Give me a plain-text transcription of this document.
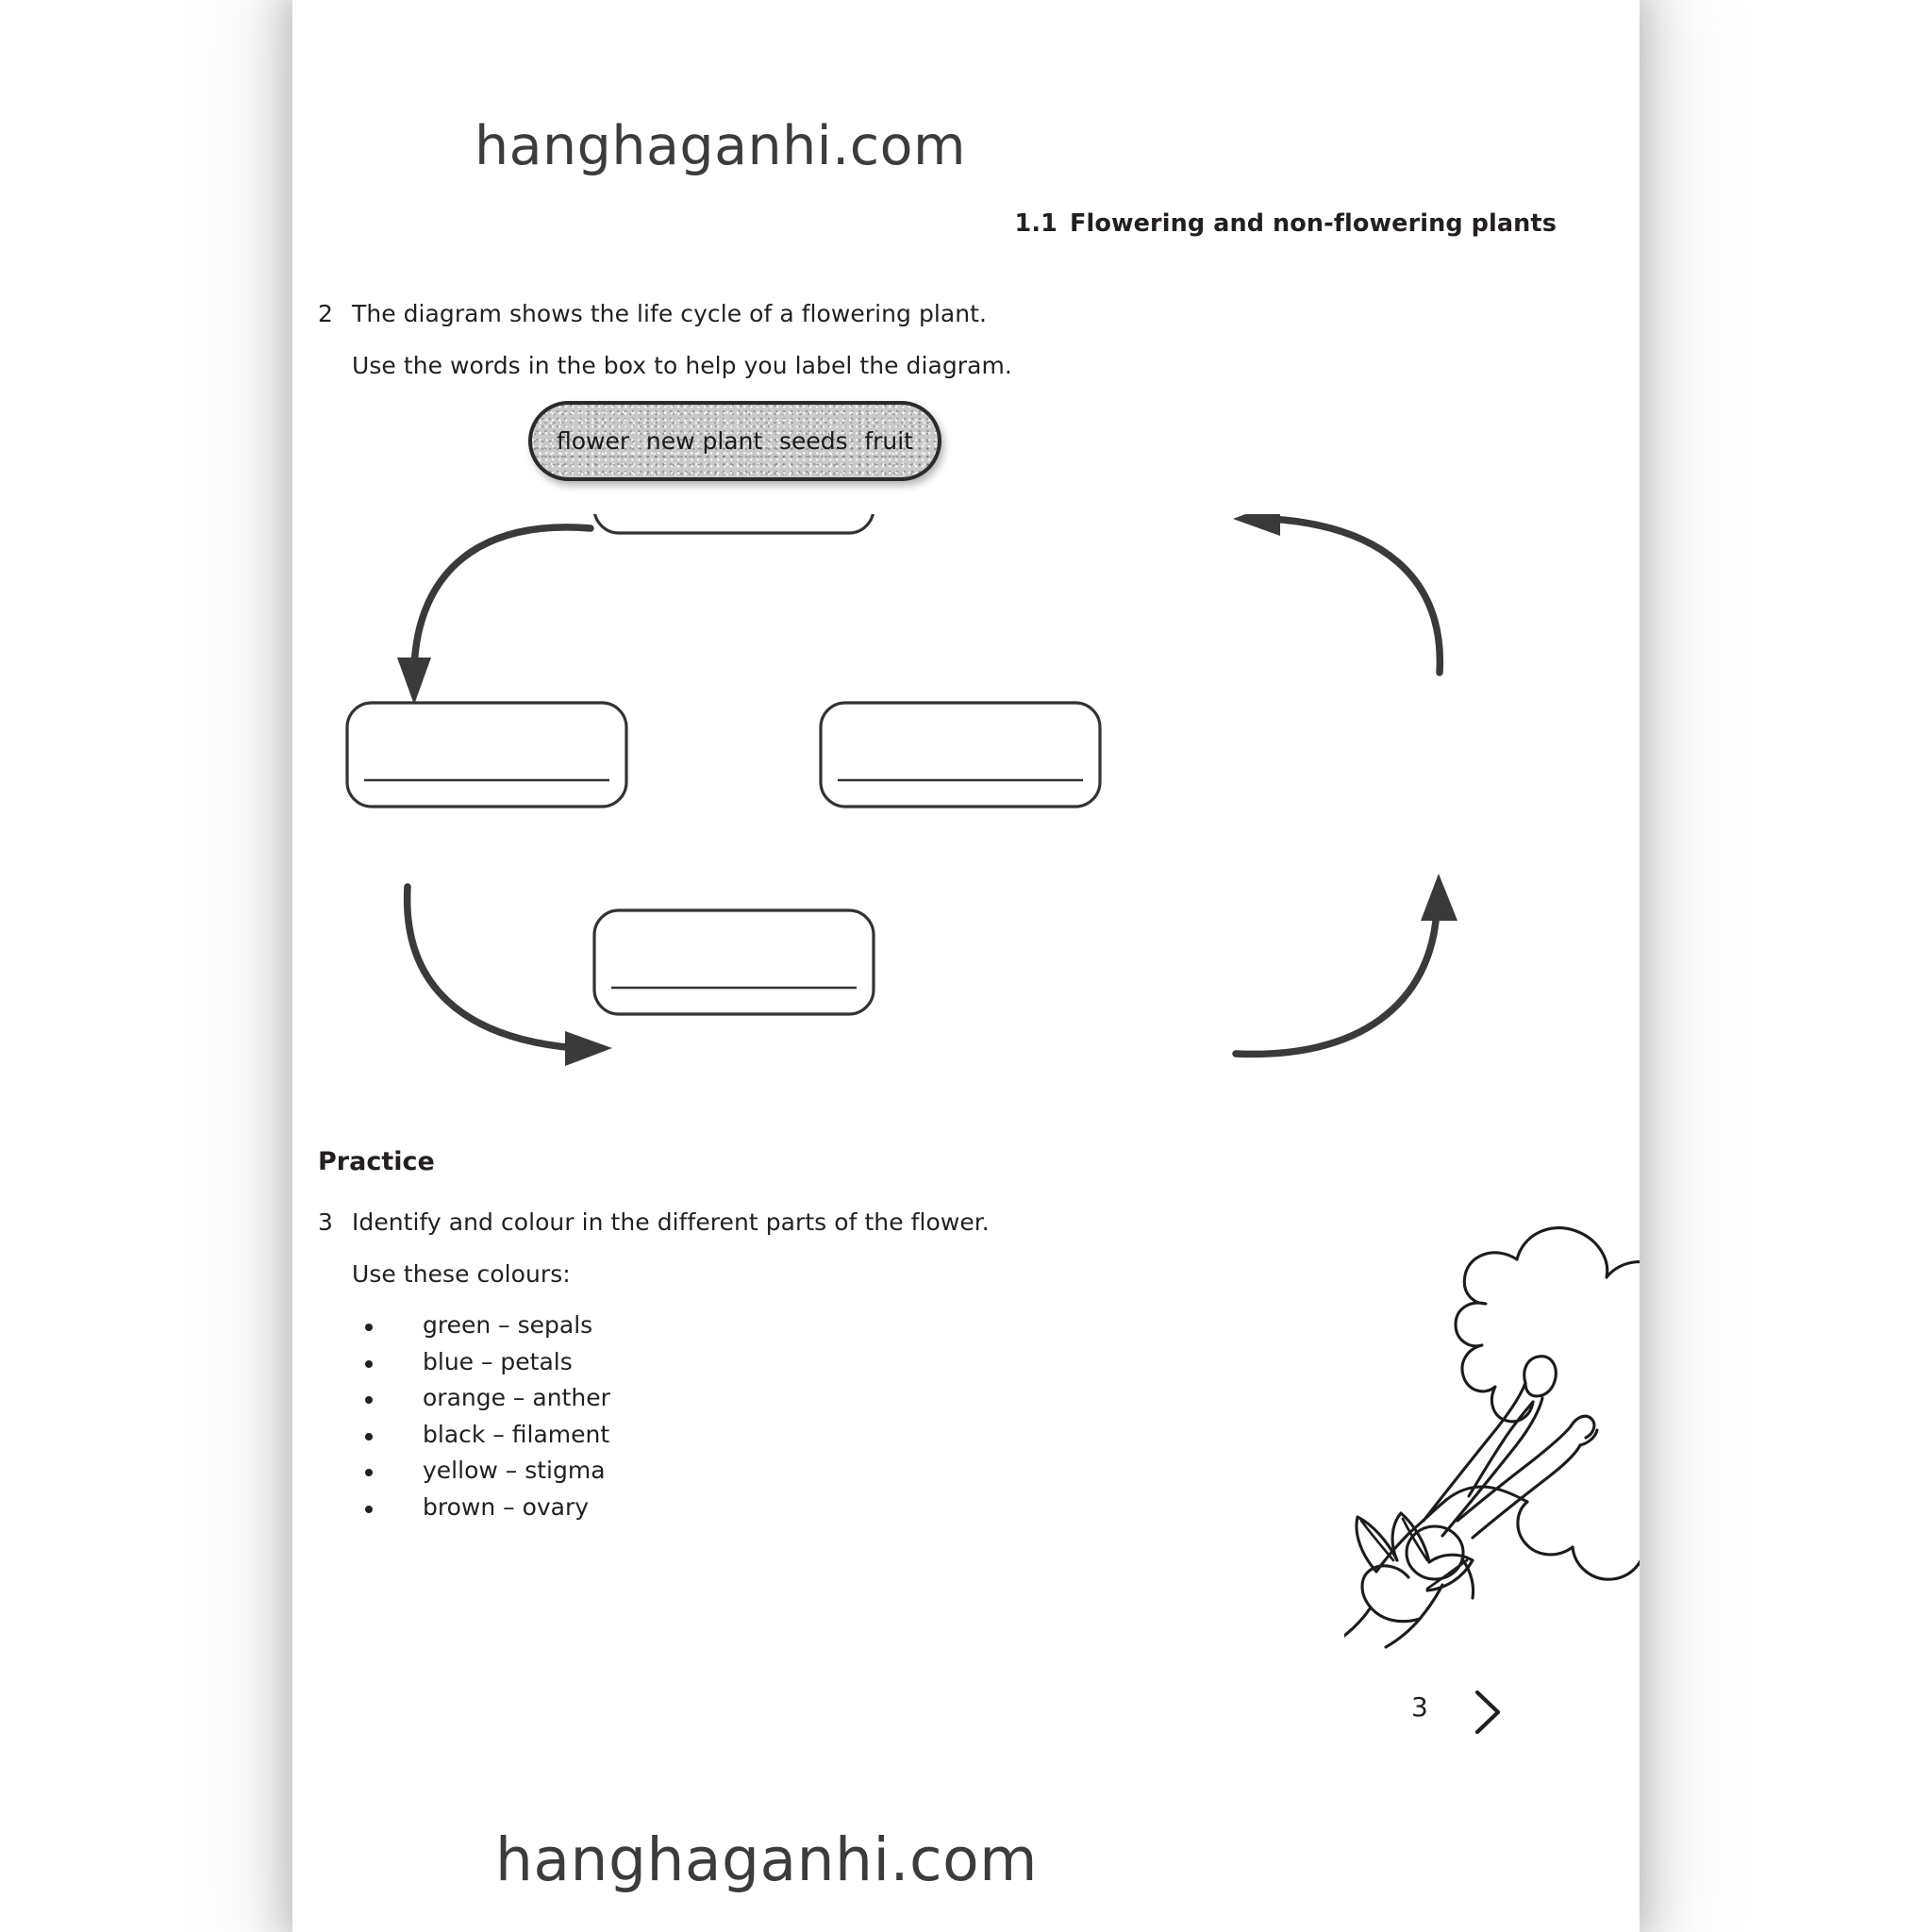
hanghaganhi.com
1.1 Flowering and non-flowering plants
2 The diagram shows the life cycle of a flowering plant.
Use the words in the box to help you label the diagram.
flower new plant seeds fruit
Practice
3 Identify and colour in the different parts of the flower.
Use these colours:
green – sepals
blue – petals
orange – anther
black – filament
yellow – stigma
brown – ovary
3
hanghaganhi.com
